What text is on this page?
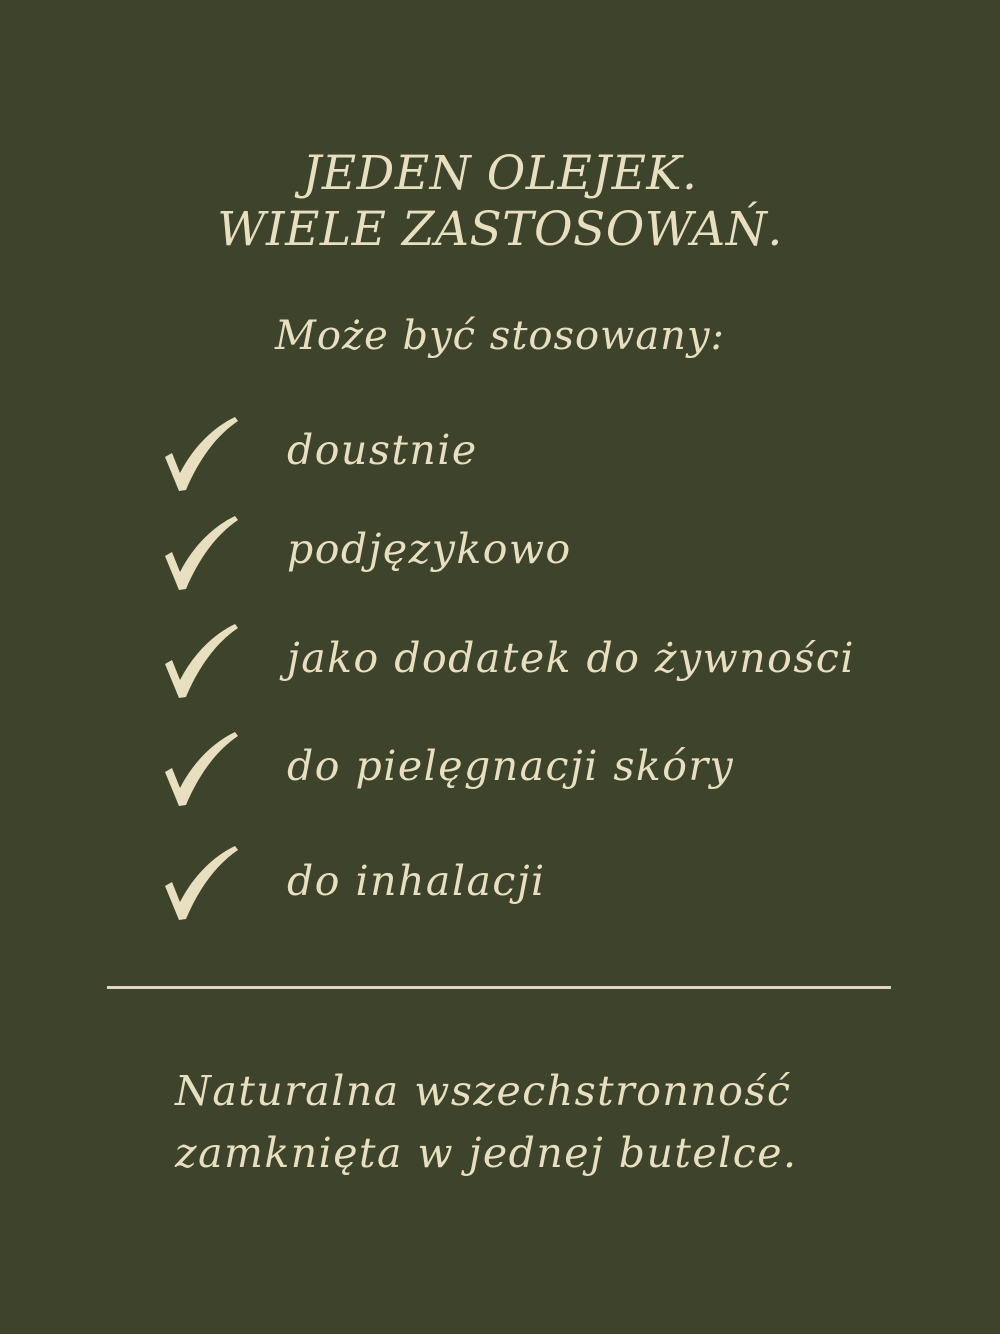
JEDEN OLEJEK.
WIELE ZASTOSOWAŃ.

Może być stosowany:

doustnie
podjęzykowo
jako dodatek do żywności
do pielęgnacji skóry
do inhalacji

Naturalna wszechstronność
zamknięta w jednej butelce.
